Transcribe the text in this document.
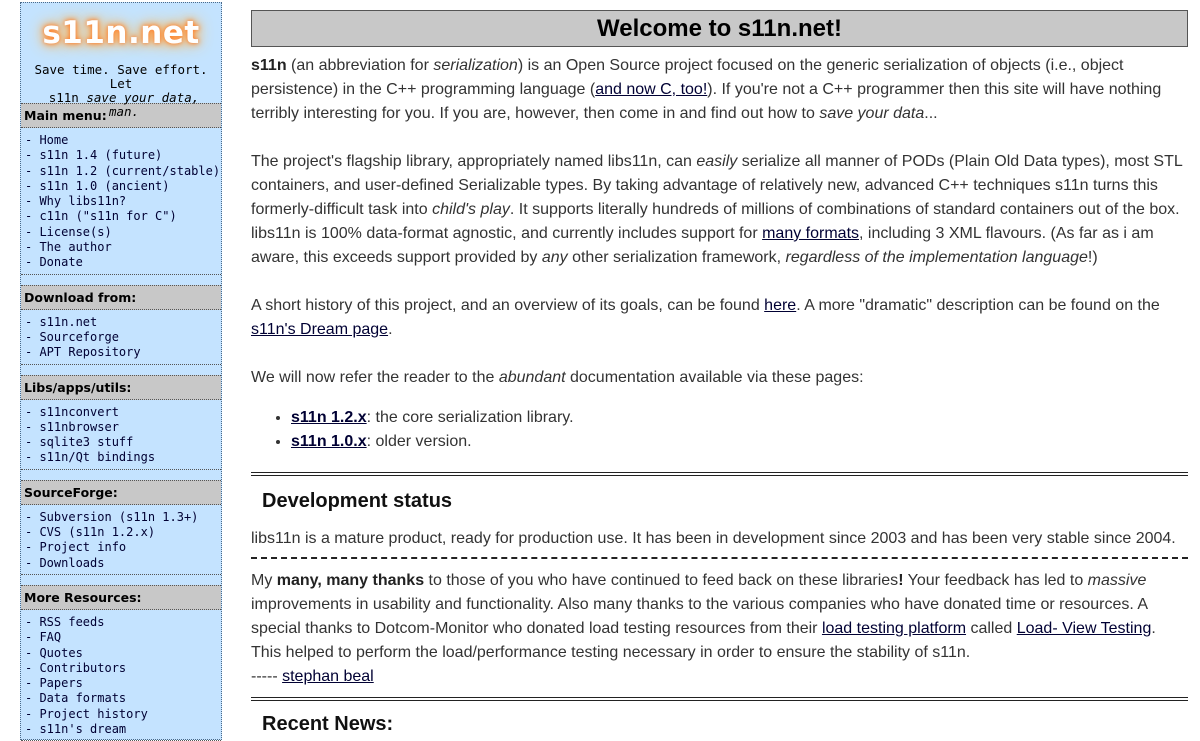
s11n.net
Save time. Save effort. Let
s11n save your data, man.
Main menu:
- Home
- s11n 1.4 (future)
- s11n 1.2 (current/stable)
- s11n 1.0 (ancient)
- Why libs11n?
- c11n ("s11n for C")
- License(s)
- The author
- Donate
Download from:
- s11n.net
- Sourceforge
- APT Repository
Libs/apps/utils:
- s11nconvert
- s11nbrowser
- sqlite3 stuff
- s11n/Qt bindings
SourceForge:
- Subversion (s11n 1.3+)
- CVS (s11n 1.2.x)
- Project info
- Downloads
More Resources:
- RSS feeds
- FAQ
- Quotes
- Contributors
- Papers
- Data formats
- Project history
- s11n's dream
Welcome to s11n.net!

s11n (an abbreviation for serialization) is an Open Source project focused on the generic serialization of objects (i.e., object persistence) in the C++ programming language (and now C, too!). If you're not a C++ programmer then this site will have nothing terribly interesting for you. If you are, however, then come in and find out how to save your data...

The project's flagship library, appropriately named libs11n, can easily serialize all manner of PODs (Plain Old Data types), most STL containers, and user-defined Serializable types. By taking advantage of relatively new, advanced C++ techniques s11n turns this formerly-difficult task into child's play. It supports literally hundreds of millions of combinations of standard containers out of the box. libs11n is 100% data-format agnostic, and currently includes support for many formats, including 3 XML flavours. (As far as i am aware, this exceeds support provided by any other serialization framework, regardless of the implementation language!)

A short history of this project, and an overview of its goals, can be found here. A more "dramatic" description can be found on the s11n's Dream page.

We will now refer the reader to the abundant documentation available via these pages:

• s11n 1.2.x: the core serialization library.
• s11n 1.0.x: older version.
Development status

libs11n is a mature product, ready for production use. It has been in development since 2003 and has been very stable since 2004.

My many, many thanks to those of you who have continued to feed back on these libraries! Your feedback has led to massive improvements in usability and functionality. Also many thanks to the various companies who have donated time or resources. A special thanks to Dotcom-Monitor who donated load testing resources from their load testing platform called Load- View Testing. This helped to perform the load/performance testing necessary in order to ensure the stability of s11n.
----- stephan beal

Recent News:
